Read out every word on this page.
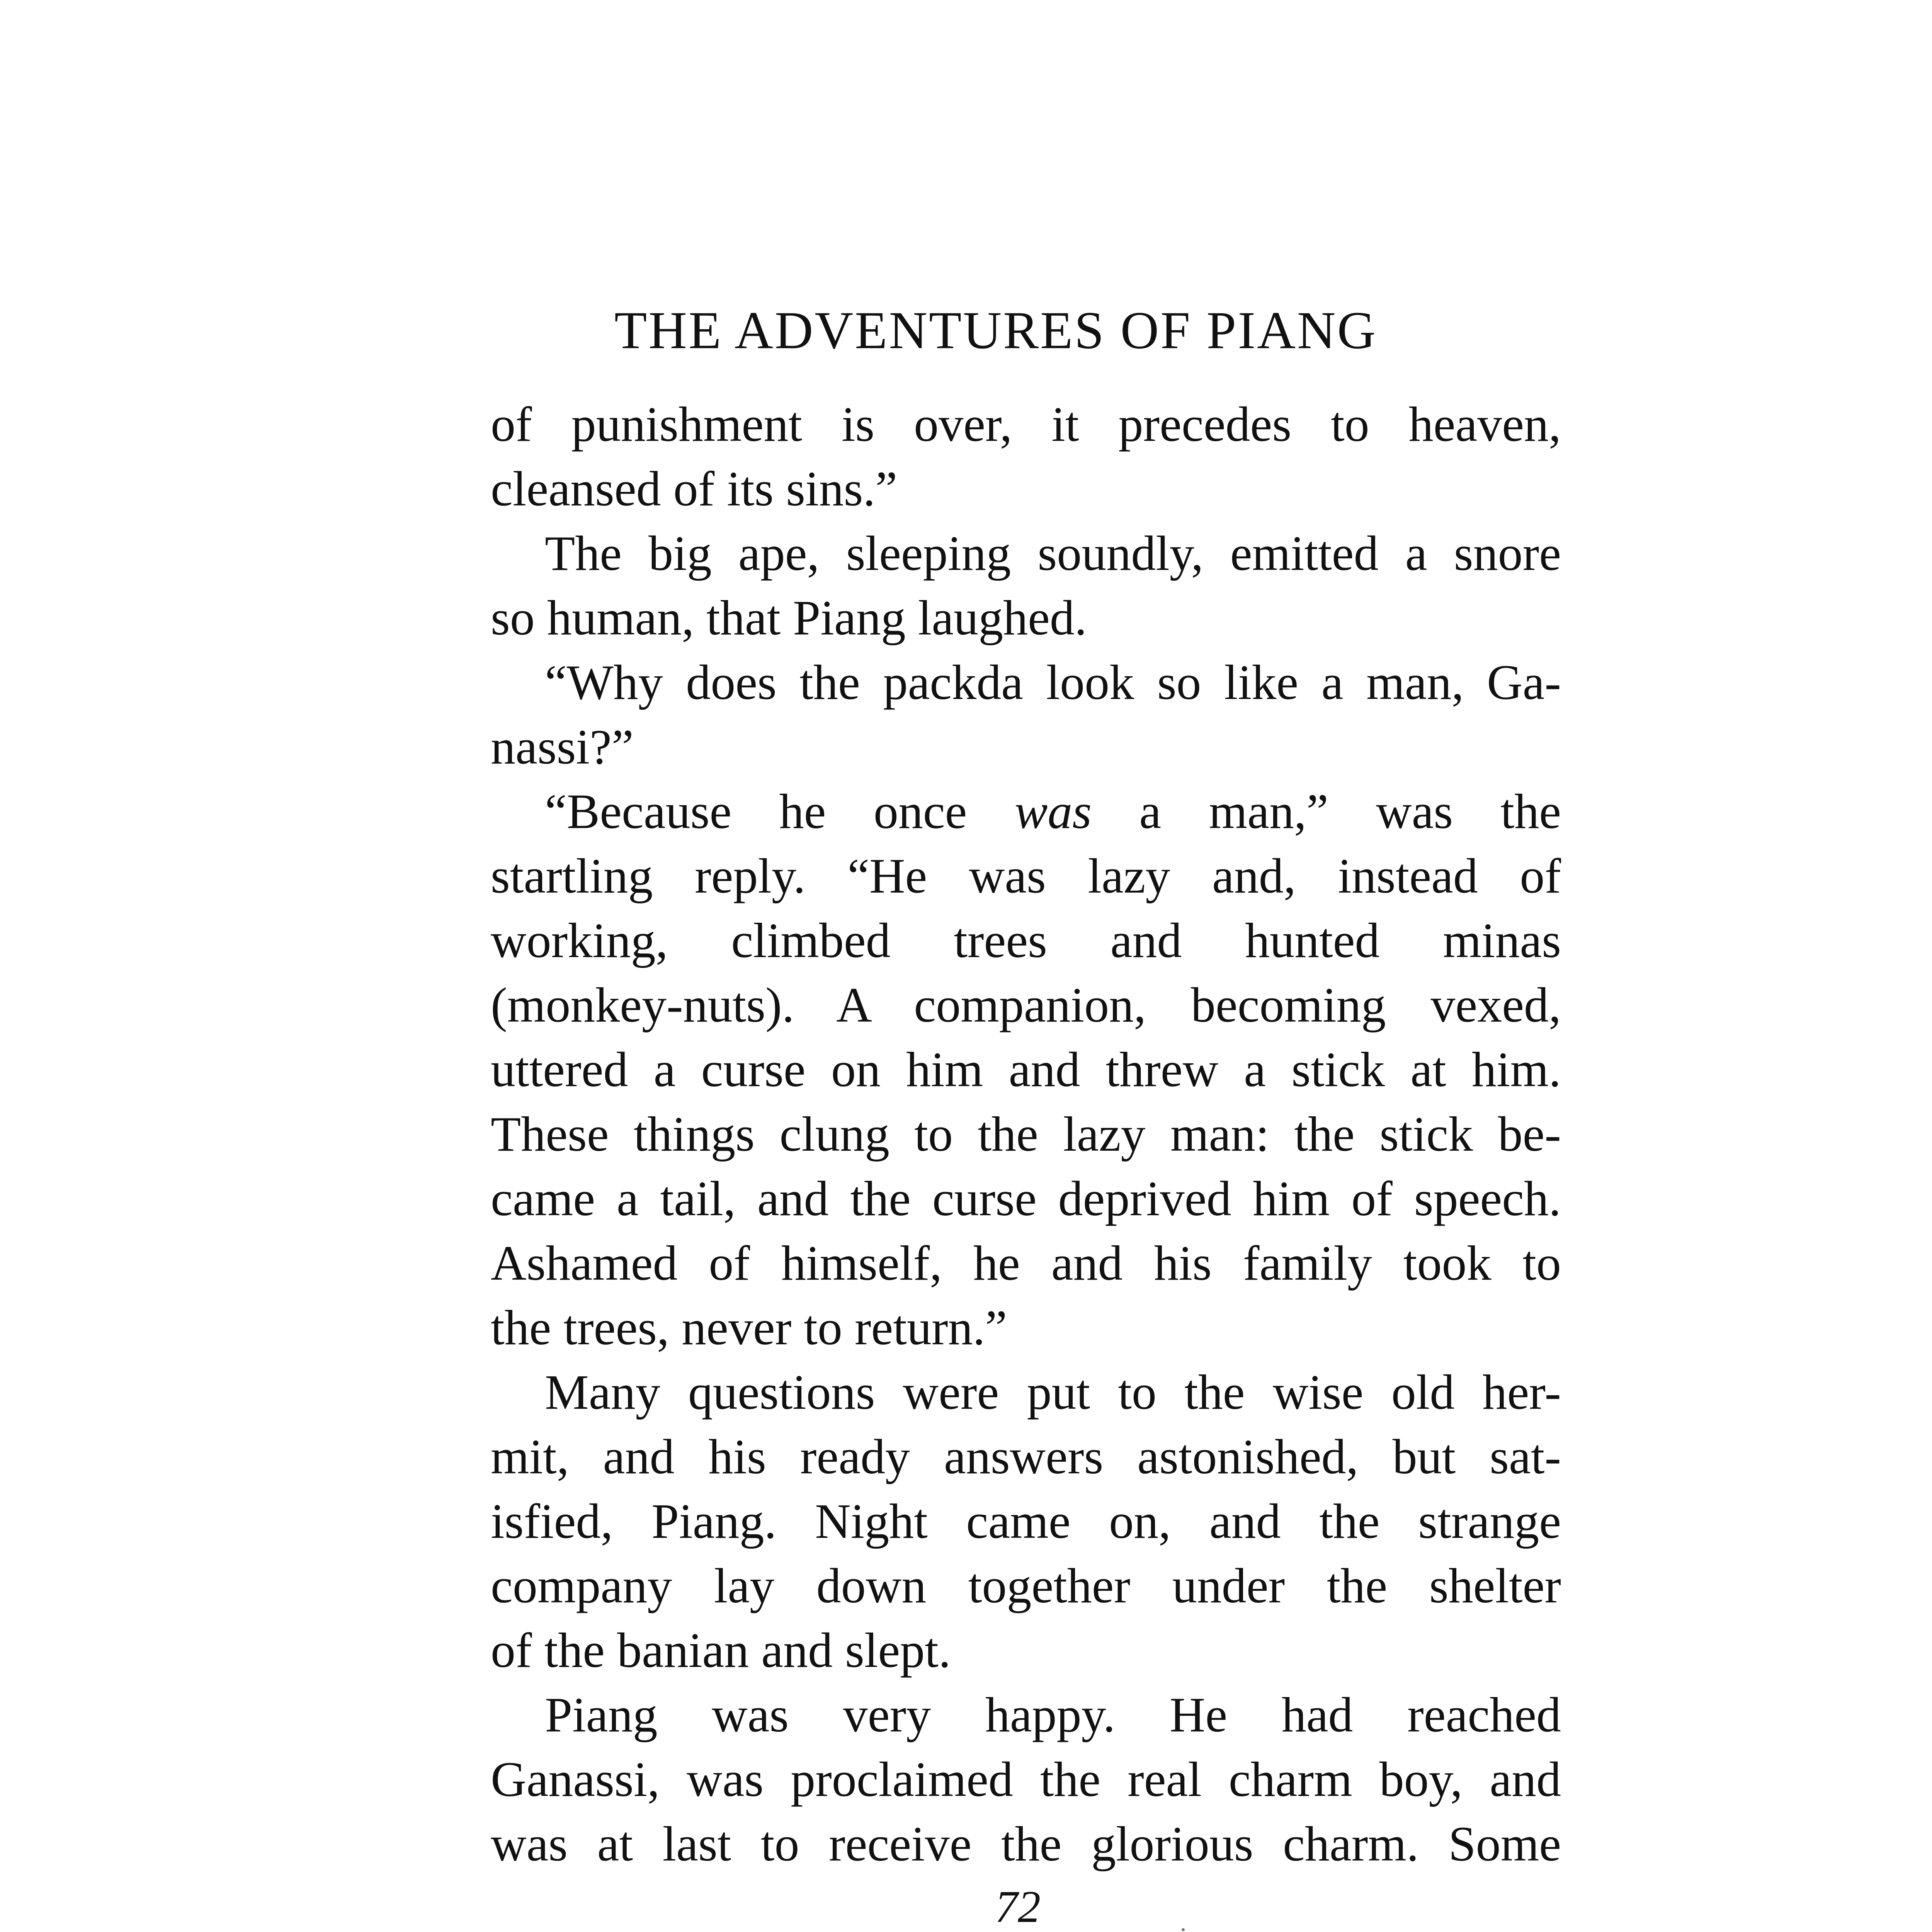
THE ADVENTURES OF PIANG
of punishment is over, it precedes to heaven,
cleansed of its sins.”
The big ape, sleeping soundly, emitted a snore
so human, that Piang laughed.
“Why does the packda look so like a man, Ga-
nassi?”
“Because he once was a man,” was the
startling reply. “He was lazy and, instead of
working, climbed trees and hunted minas
(monkey-nuts). A companion, becoming vexed,
uttered a curse on him and threw a stick at him.
These things clung to the lazy man: the stick be-
came a tail, and the curse deprived him of speech.
Ashamed of himself, he and his family took to
the trees, never to return.”
Many questions were put to the wise old her-
mit, and his ready answers astonished, but sat-
isfied, Piang. Night came on, and the strange
company lay down together under the shelter
of the banian and slept.
Piang was very happy. He had reached
Ganassi, was proclaimed the real charm boy, and
was at last to receive the glorious charm. Some
72
